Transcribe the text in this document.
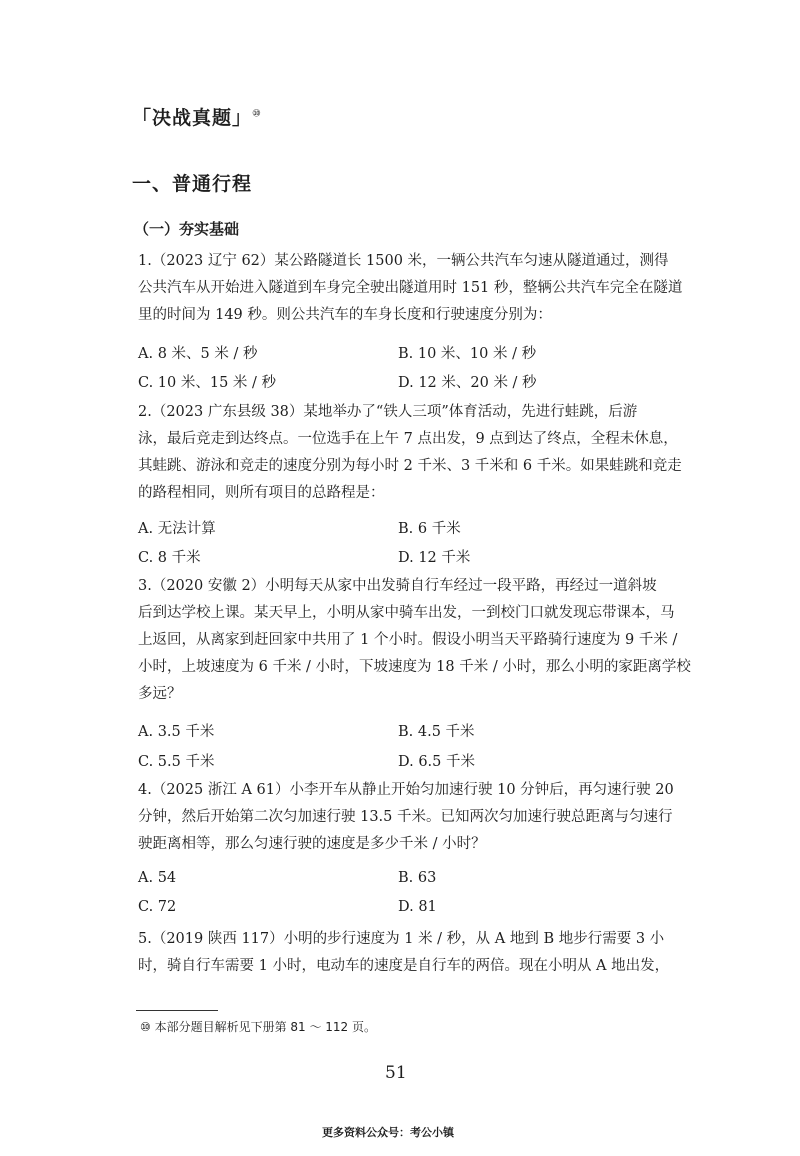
「决战真题」⑩
一、普通行程
（一）夯实基础
1.（2023 辽宁 62）某公路隧道长 1500 米，一辆公共汽车匀速从隧道通过，测得
公共汽车从开始进入隧道到车身完全驶出隧道用时 151 秒，整辆公共汽车完全在隧道
里的时间为 149 秒。则公共汽车的车身长度和行驶速度分别为：
A. 8 米、5 米 / 秒	B. 10 米、10 米 / 秒
C. 10 米、15 米 / 秒	D. 12 米、20 米 / 秒
2.（2023 广东县级 38）某地举办了“铁人三项”体育活动，先进行蛙跳，后游
泳，最后竞走到达终点。一位选手在上午 7 点出发，9 点到达了终点，全程未休息，
其蛙跳、游泳和竞走的速度分别为每小时 2 千米、3 千米和 6 千米。如果蛙跳和竞走
的路程相同，则所有项目的总路程是：
A. 无法计算	B. 6 千米
C. 8 千米	D. 12 千米
3.（2020 安徽 2）小明每天从家中出发骑自行车经过一段平路，再经过一道斜坡
后到达学校上课。某天早上，小明从家中骑车出发，一到校门口就发现忘带课本，马
上返回，从离家到赶回家中共用了 1 个小时。假设小明当天平路骑行速度为 9 千米 /
小时，上坡速度为 6 千米 / 小时，下坡速度为 18 千米 / 小时，那么小明的家距离学校
多远？
A. 3.5 千米	B. 4.5 千米
C. 5.5 千米	D. 6.5 千米
4.（2025 浙江 A 61）小李开车从静止开始匀加速行驶 10 分钟后，再匀速行驶 20
分钟，然后开始第二次匀加速行驶 13.5 千米。已知两次匀加速行驶总距离与匀速行
驶距离相等，那么匀速行驶的速度是多少千米 / 小时？
A. 54	B. 63
C. 72	D. 81
5.（2019 陕西 117）小明的步行速度为 1 米 / 秒，从 A 地到 B 地步行需要 3 小
时，骑自行车需要 1 小时，电动车的速度是自行车的两倍。现在小明从 A 地出发，
⑩ 本部分题目解析见下册第 81 ～ 112 页。
51
更多资料公众号：考公小镇
